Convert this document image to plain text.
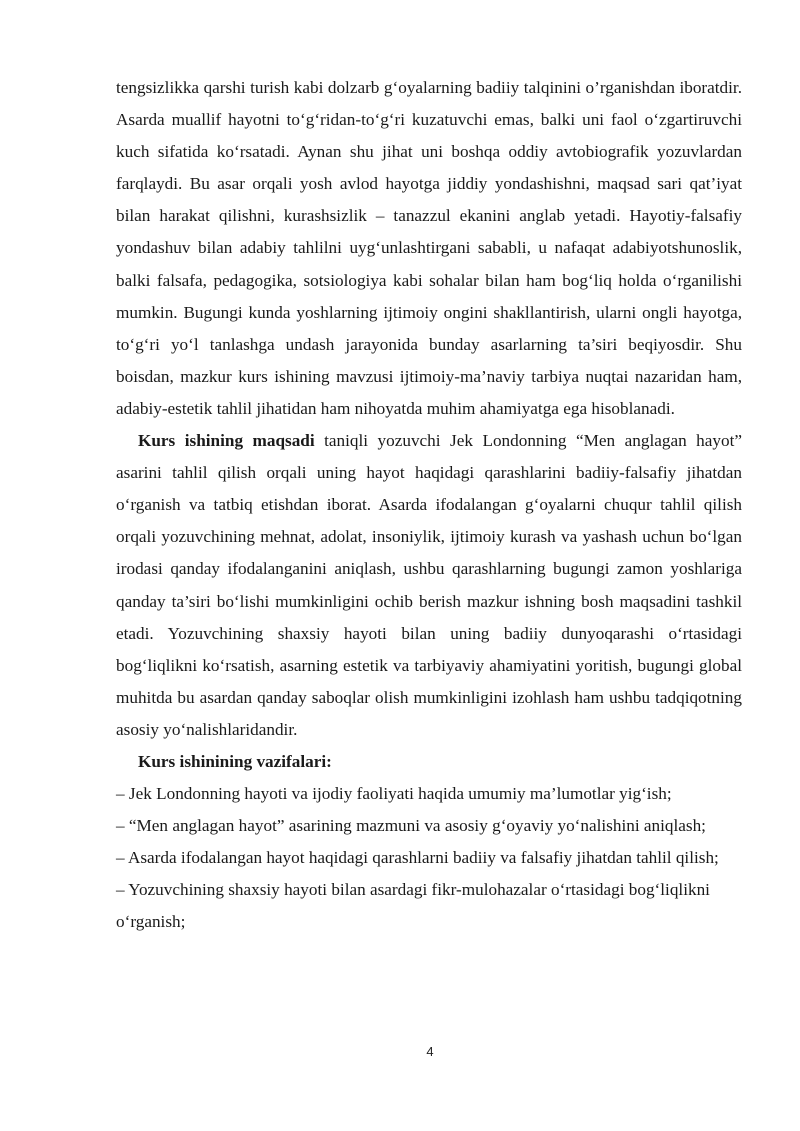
tengsizlikka qarshi turish kabi dolzarb g‘oyalarning badiiy talqinini o’rganishdan iboratdir. Asarda muallif hayotni to‘g‘ridan-to‘g‘ri kuzatuvchi emas, balki uni faol o‘zgartiruvchi kuch sifatida ko‘rsatadi. Aynan shu jihat uni boshqa oddiy avtobiografik yozuvlardan farqlaydi. Bu asar orqali yosh avlod hayotga jiddiy yondashishni, maqsad sari qat’iyat bilan harakat qilishni, kurashsizlik – tanazzul ekanini anglab yetadi. Hayotiy-falsafiy yondashuv bilan adabiy tahlilni uyg‘unlashtirgani sababli, u nafaqat adabiyotshunoslik, balki falsafa, pedagogika, sotsiologiya kabi sohalar bilan ham bog‘liq holda o‘rganilishi mumkin. Bugungi kunda yoshlarning ijtimoiy ongini shakllantirish, ularni ongli hayotga, to‘g‘ri yo‘l tanlashga undash jarayonida bunday asarlarning ta’siri beqiyosdir. Shu boisdan, mazkur kurs ishining mavzusi ijtimoiy-ma’naviy tarbiya nuqtai nazaridan ham, adabiy-estetik tahlil jihatidan ham nihoyatda muhim ahamiyatga ega hisoblanadi.

Kurs ishining maqsadi taniqli yozuvchi Jek Londonning “Men anglagan hayot” asarini tahlil qilish orqali uning hayot haqidagi qarashlarini badiiy-falsafiy jihatdan o‘rganish va tatbiq etishdan iborat. Asarda ifodalangan g‘oyalarni chuqur tahlil qilish orqali yozuvchining mehnat, adolat, insoniylik, ijtimoiy kurash va yashash uchun bo‘lgan irodasi qanday ifodalanganini aniqlash, ushbu qarashlarning bugungi zamon yoshlariga qanday ta’siri bo‘lishi mumkinligini ochib berish mazkur ishning bosh maqsadini tashkil etadi. Yozuvchining shaxsiy hayoti bilan uning badiiy dunyoqarashi o‘rtasidagi bog‘liqlikni ko‘rsatish, asarning estetik va tarbiyaviy ahamiyatini yoritish, bugungi global muhitda bu asardan qanday saboqlar olish mumkinligini izohlash ham ushbu tadqiqotning asosiy yo‘nalishlaridandir.

Kurs ishinining vazifalari:

– Jek Londonning hayoti va ijodiy faoliyati haqida umumiy ma’lumotlar yig‘ish;

– “Men anglagan hayot” asarining mazmuni va asosiy g‘oyaviy yo‘nalishini aniqlash;

– Asarda ifodalangan hayot haqidagi qarashlarni badiiy va falsafiy jihatdan tahlil qilish;

– Yozuvchining shaxsiy hayoti bilan asardagi fikr-mulohazalar o‘rtasidagi bog‘liqlikni o‘rganish;

4
